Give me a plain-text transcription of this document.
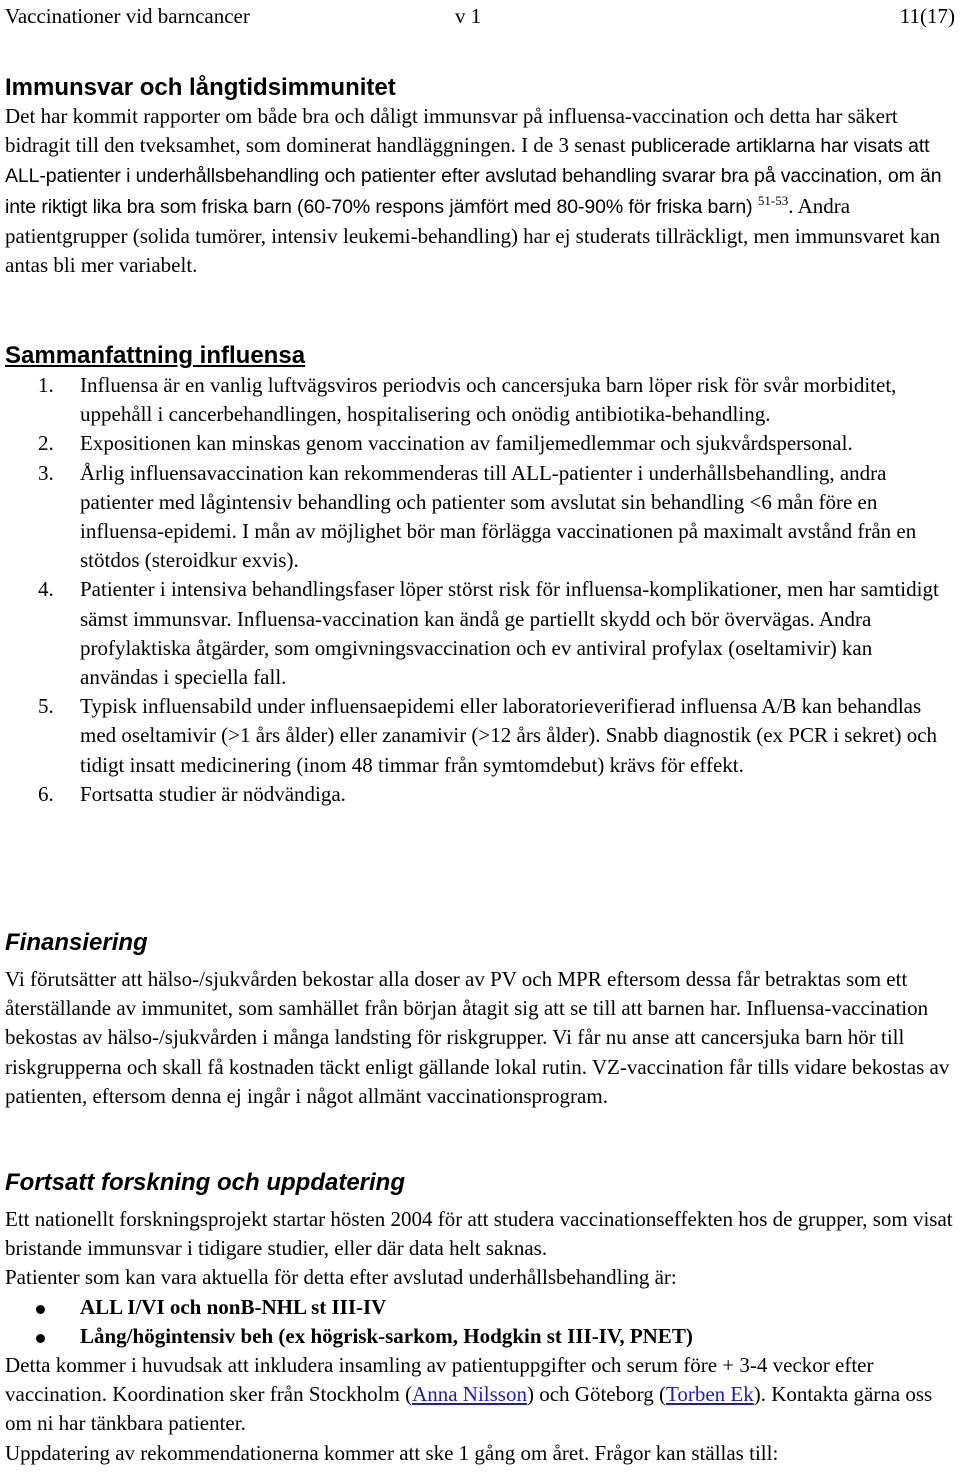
Vaccinationer vid barncancer	v 1	11(17)
Immunsvar och långtidsimmunitet

Det har kommit rapporter om både bra och dåligt immunsvar på influensa-vaccination och detta har säkert bidragit till den tveksamhet, som dominerat handläggningen. I de 3 senast publicerade artiklarna har visats att ALL-patienter i underhållsbehandling och patienter efter avslutad behandling svarar bra på vaccination, om än inte riktigt lika bra som friska barn (60-70% respons jämfört med 80-90% för friska barn) $^{51-53}$. Andra patientgrupper (solida tumörer, intensiv leukemi-behandling) har ej studerats tillräckligt, men immunsvaret kan antas bli mer variabelt.

Sammanfattning influensa
1. Influensa är en vanlig luftvägsviros periodvis och cancersjuka barn löper risk för svår morbiditet, uppehåll i cancerbehandlingen, hospitalisering och onödig antibiotika-behandling.
2. Expositionen kan minskas genom vaccination av familjemedlemmar och sjukvårdspersonal.
3. Årlig influensavaccination kan rekommenderas till ALL-patienter i underhållsbehandling, andra patienter med lågintensiv behandling och patienter som avslutat sin behandling <6 mån före en influensa-epidemi. I mån av möjlighet bör man förlägga vaccinationen på maximalt avstånd från en stötdos (steroidkur exvis).
4. Patienter i intensiva behandlingsfaser löper störst risk för influensa-komplikationer, men har samtidigt sämst immunsvar. Influensa-vaccination kan ändå ge partiellt skydd och bör övervägas. Andra profylaktiska åtgärder, som omgivningsvaccination och ev antiviral profylax (oseltamivir) kan användas i speciella fall.
5. Typisk influensabild under influensaepidemi eller laboratorieverifierad influensa A/B kan behandlas med oseltamivir (>1 års ålder) eller zanamivir (>12 års ålder). Snabb diagnostik (ex PCR i sekret) och tidigt insatt medicinering (inom 48 timmar från symtomdebut) krävs för effekt.
6. Fortsatta studier är nödvändiga.
Finansiering

Vi förutsätter att hälso-/sjukvården bekostar alla doser av PV och MPR eftersom dessa får betraktas som ett återställande av immunitet, som samhället från början åtagit sig att se till att barnen har. Influensa-vaccination bekostas av hälso-/sjukvården i många landsting för riskgrupper. Vi får nu anse att cancersjuka barn hör till riskgrupperna och skall få kostnaden täckt enligt gällande lokal rutin. VZ-vaccination får tills vidare bekostas av patienten, eftersom denna ej ingår i något allmänt vaccinationsprogram.

Fortsatt forskning och uppdatering

Ett nationellt forskningsprojekt startar hösten 2004 för att studera vaccinationseffekten hos de grupper, som visat bristande immunsvar i tidigare studier, eller där data helt saknas.

Patienter som kan vara aktuella för detta efter avslutad underhållsbehandling är:

ALL I/VI och nonB-NHL st III-IV
Lång/högintensiv beh (ex högrisk-sarkom, Hodgkin st III-IV, PNET)

Detta kommer i huvudsak att inkludera insamling av patientuppgifter och serum före + 3-4 veckor efter vaccination. Koordination sker från Stockholm (Anna Nilsson) och Göteborg (Torben Ek). Kontakta gärna oss om ni har tänkbara patienter.

Uppdatering av rekommendationerna kommer att ske 1 gång om året. Frågor kan ställas till:
